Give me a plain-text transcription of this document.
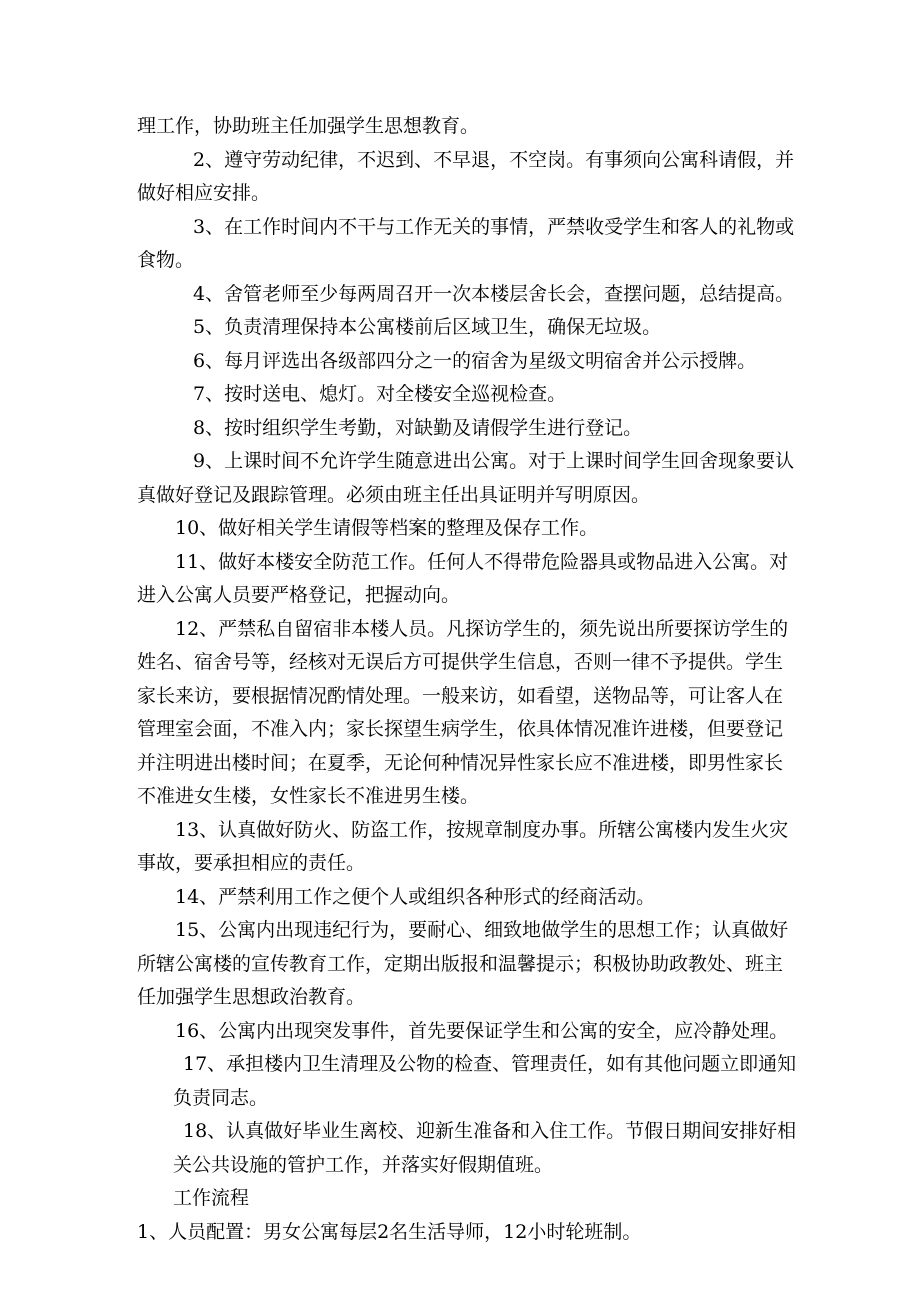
理工作，协助班主任加强学生思想教育。

2、遵守劳动纪律，不迟到、不早退，不空岗。有事须向公寓科请假，并做好相应安排。

3、在工作时间内不干与工作无关的事情，严禁收受学生和客人的礼物或食物。

4、舍管老师至少每两周召开一次本楼层舍长会，查摆问题，总结提高。

5、负责清理保持本公寓楼前后区域卫生，确保无垃圾。

6、每月评选出各级部四分之一的宿舍为星级文明宿舍并公示授牌。

7、按时送电、熄灯。对全楼安全巡视检查。

8、按时组织学生考勤，对缺勤及请假学生进行登记。

9、上课时间不允许学生随意进出公寓。对于上课时间学生回舍现象要认真做好登记及跟踪管理。必须由班主任出具证明并写明原因。

10、做好相关学生请假等档案的整理及保存工作。

11、做好本楼安全防范工作。任何人不得带危险器具或物品进入公寓。对进入公寓人员要严格登记，把握动向。

12、严禁私自留宿非本楼人员。凡探访学生的，须先说出所要探访学生的姓名、宿舍号等，经核对无误后方可提供学生信息，否则一律不予提供。学生家长来访，要根据情况酌情处理。一般来访，如看望，送物品等，可让客人在管理室会面，不准入内；家长探望生病学生，依具体情况准许进楼，但要登记并注明进出楼时间；在夏季，无论何种情况异性家长应不准进楼，即男性家长不准进女生楼，女性家长不准进男生楼。

13、认真做好防火、防盗工作，按规章制度办事。所辖公寓楼内发生火灾事故，要承担相应的责任。

14、严禁利用工作之便个人或组织各种形式的经商活动。

15、公寓内出现违纪行为，要耐心、细致地做学生的思想工作；认真做好所辖公寓楼的宣传教育工作，定期出版报和温馨提示；积极协助政教处、班主任加强学生思想政治教育。

16、公寓内出现突发事件，首先要保证学生和公寓的安全，应冷静处理。

17、承担楼内卫生清理及公物的检查、管理责任，如有其他问题立即通知负责同志。

18、认真做好毕业生离校、迎新生准备和入住工作。节假日期间安排好相关公共设施的管护工作，并落实好假期值班。

工作流程

1、人员配置：男女公寓每层2名生活导师，12小时轮班制。
